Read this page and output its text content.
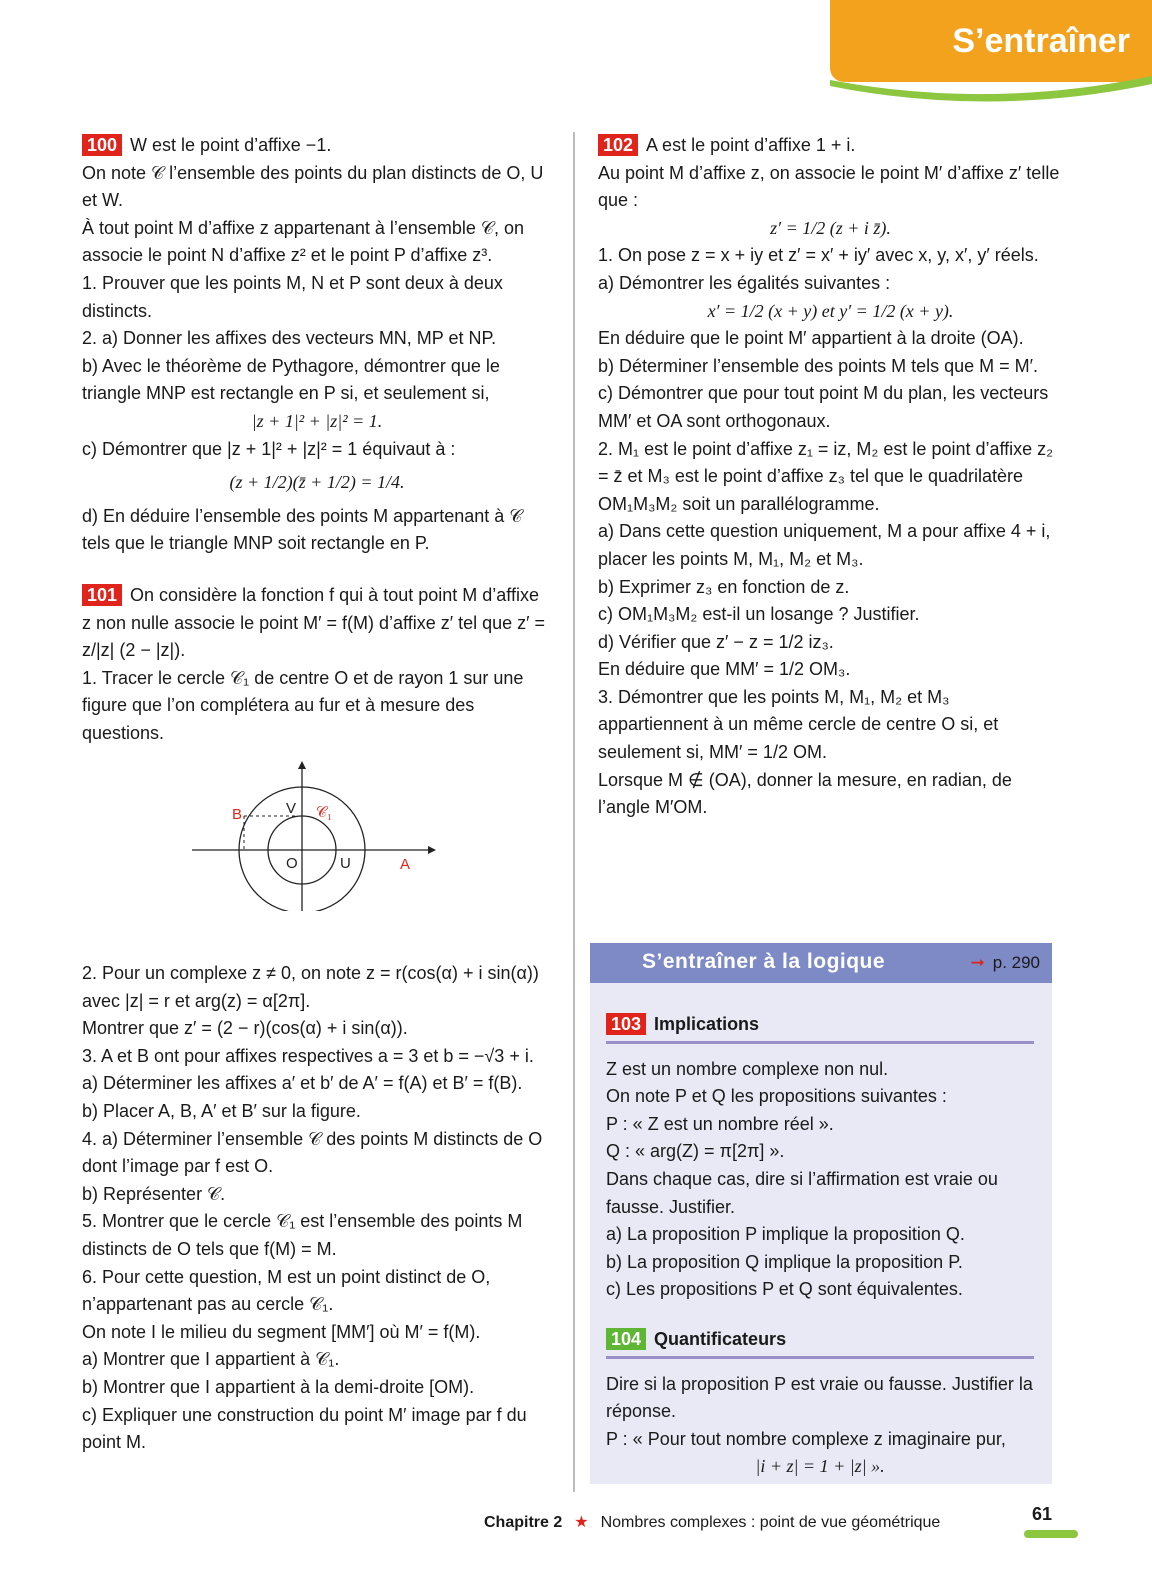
S’entraîner

100 W est le point d’affixe −1.

On note 𝒞 l’ensemble des points du plan distincts de O, U et W.

À tout point M d’affixe z appartenant à l’ensemble 𝒞, on associe le point N d’affixe z² et le point P d’affixe z³.

1. Prouver que les points M, N et P sont deux à deux distincts.

2. a) Donner les affixes des vecteurs MN, MP et NP.

b) Avec le théorème de Pythagore, démontrer que le triangle MNP est rectangle en P si, et seulement si,

|z + 1|² + |z|² = 1.

c) Démontrer que |z + 1|² + |z|² = 1 équivaut à :

(z + 1/2)(z̄ + 1/2) = 1/4.

d) En déduire l’ensemble des points M appartenant à 𝒞 tels que le triangle MNP soit rectangle en P.

101 On considère la fonction f qui à tout point M d’affixe z non nulle associe le point M′ = f(M) d’affixe z′ tel que z′ = z/|z| (2 − |z|).

1. Tracer le cercle 𝒞₁ de centre O et de rayon 1 sur une figure que l’on complétera au fur et à mesure des questions.

B	V 𝒞₁
O	U	A

2. Pour un complexe z ≠ 0, on note z = r(cos(α) + i sin(α)) avec |z| = r et arg(z) = α[2π].

Montrer que z′ = (2 − r)(cos(α) + i sin(α)).

3. A et B ont pour affixes respectives a = 3 et b = −√3 + i.

a) Déterminer les affixes a′ et b′ de A′ = f(A) et B′ = f(B).

b) Placer A, B, A′ et B′ sur la figure.

4. a) Déterminer l’ensemble 𝒞 des points M distincts de O dont l’image par f est O.

b) Représenter 𝒞.

5. Montrer que le cercle 𝒞₁ est l’ensemble des points M distincts de O tels que f(M) = M.

6. Pour cette question, M est un point distinct de O, n’appartenant pas au cercle 𝒞₁.

On note I le milieu du segment [MM′] où M′ = f(M).

a) Montrer que I appartient à 𝒞₁.

b) Montrer que I appartient à la demi-droite [OM).

c) Expliquer une construction du point M′ image par f du point M.

102 A est le point d’affixe 1 + i.

Au point M d’affixe z, on associe le point M′ d’affixe z′ telle que :

z′ = 1/2 (z + i z̄).

1. On pose z = x + iy et z′ = x′ + iy′ avec x, y, x′, y′ réels.

a) Démontrer les égalités suivantes :

x′ = 1/2 (x + y) et y′ = 1/2 (x + y).

En déduire que le point M′ appartient à la droite (OA).

b) Déterminer l’ensemble des points M tels que M = M′.

c) Démontrer que pour tout point M du plan, les vecteurs MM′ et OA sont orthogonaux.

2. M₁ est le point d’affixe z₁ = iz, M₂ est le point d’affixe z₂ = z̄ et M₃ est le point d’affixe z₃ tel que le quadrilatère OM₁M₃M₂ soit un parallélogramme.

a) Dans cette question uniquement, M a pour affixe 4 + i, placer les points M, M₁, M₂ et M₃.

b) Exprimer z₃ en fonction de z.

c) OM₁M₃M₂ est-il un losange ? Justifier.

d) Vérifier que z′ − z = 1/2 iz₃.

En déduire que MM′ = 1/2 OM₃.

3. Démontrer que les points M, M₁, M₂ et M₃ appartiennent à un même cercle de centre O si, et seulement si, MM′ = 1/2 OM.

Lorsque M ∉ (OA), donner la mesure, en radian, de l’angle M′OM.

S’entraîner à la logique	➞ p. 290
103 Implications

Z est un nombre complexe non nul.

On note P et Q les propositions suivantes :

P : « Z est un nombre réel ».

Q : « arg(Z) = π[2π] ».

Dans chaque cas, dire si l’affirmation est vraie ou fausse. Justifier.

a) La proposition P implique la proposition Q.

b) La proposition Q implique la proposition P.

c) Les propositions P et Q sont équivalentes.

104 Quantificateurs

Dire si la proposition P est vraie ou fausse. Justifier la réponse.

P : « Pour tout nombre complexe z imaginaire pur,

|i + z| = 1 + |z| ».

Chapitre 2 ★ Nombres complexes : point de vue géométrique	61
